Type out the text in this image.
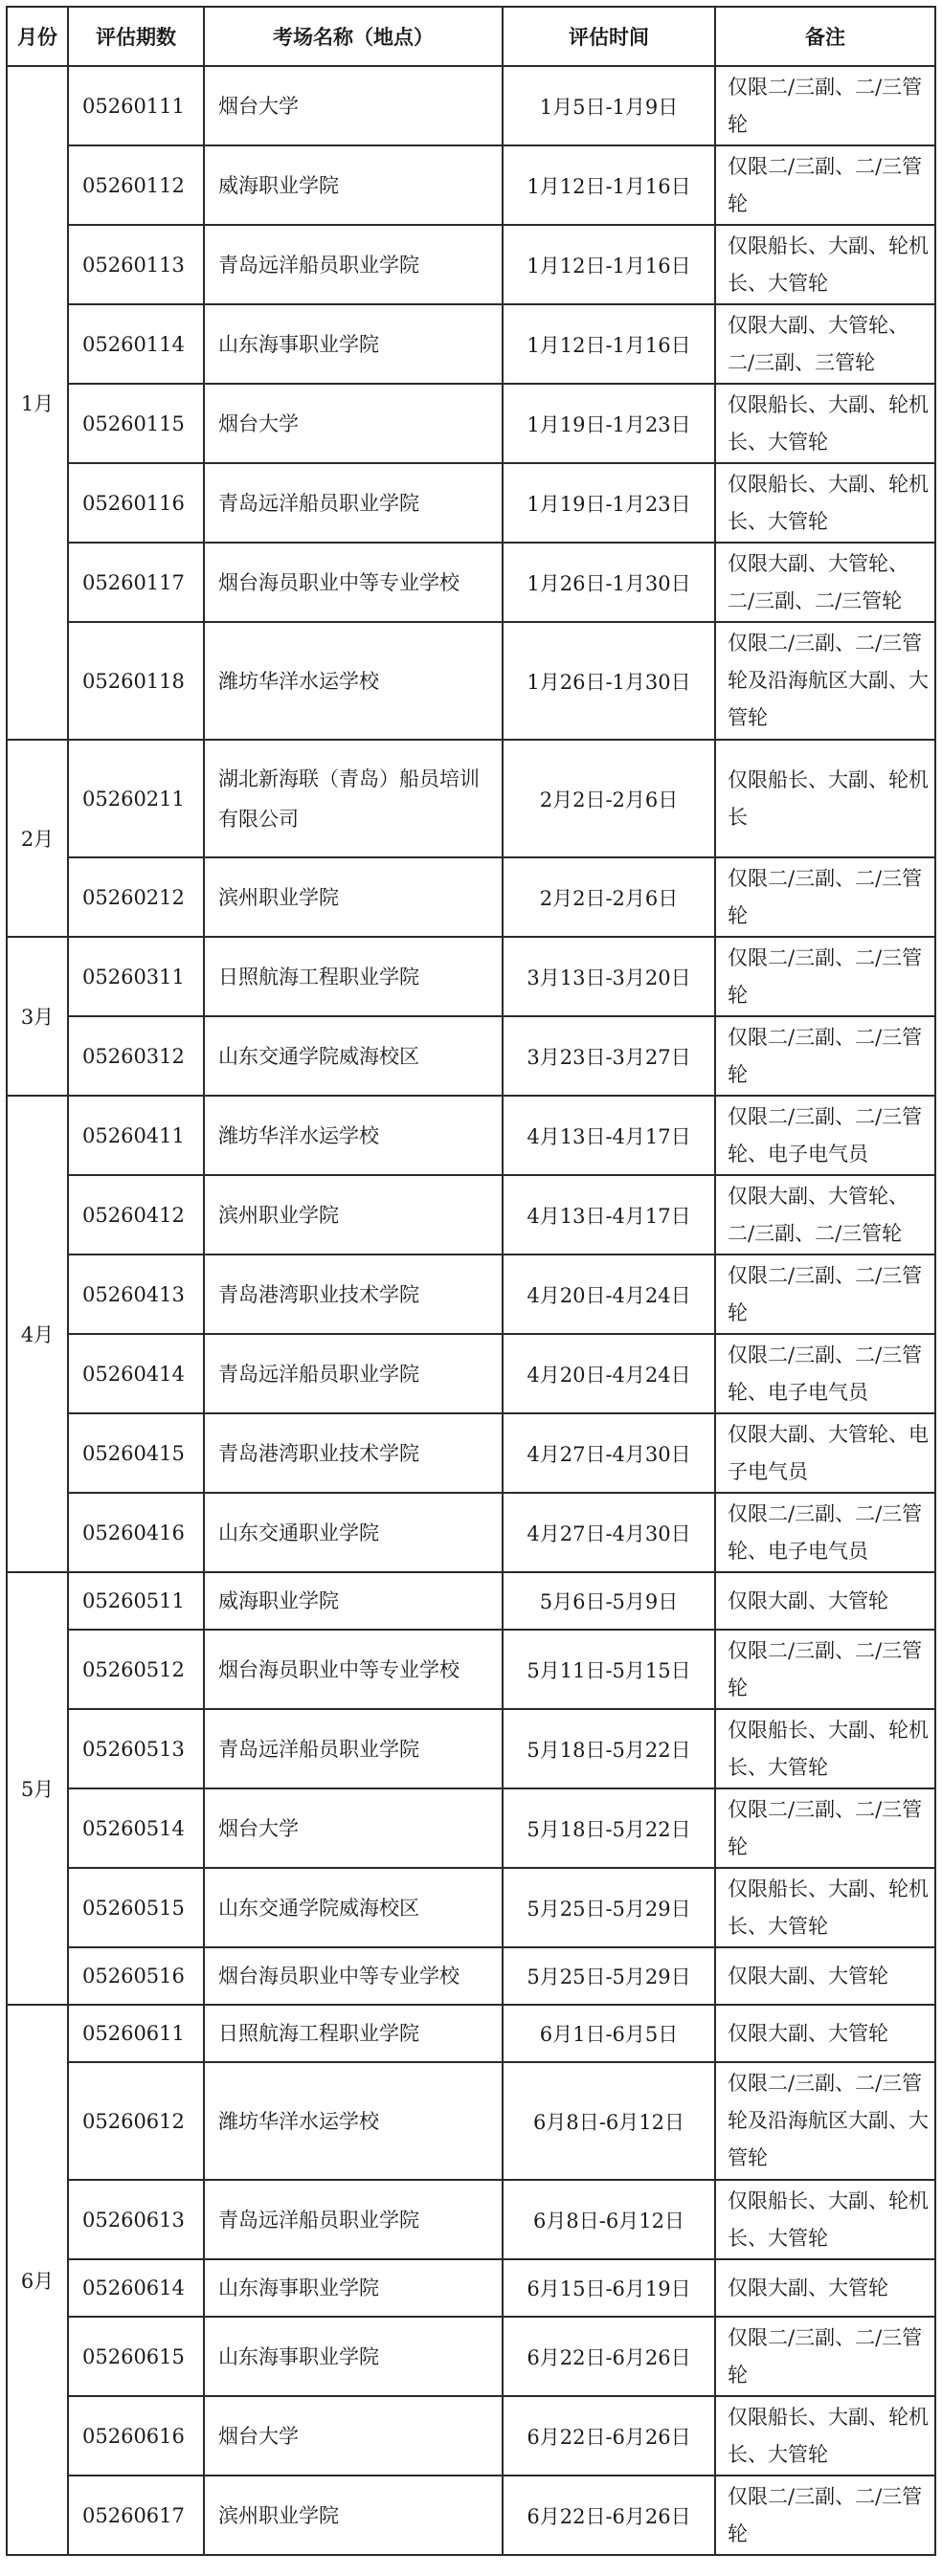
月份	评估期数	考场名称（地点）	评估时间	备注
1月	05260111	烟台大学	1月5日-1月9日	仅限二/三副、二/三管轮
	05260112	威海职业学院	1月12日-1月16日	仅限二/三副、二/三管轮
	05260113	青岛远洋船员职业学院	1月12日-1月16日	仅限船长、大副、轮机长、大管轮
	05260114	山东海事职业学院	1月12日-1月16日	仅限大副、大管轮、二/三副、三管轮
	05260115	烟台大学	1月19日-1月23日	仅限船长、大副、轮机长、大管轮
	05260116	青岛远洋船员职业学院	1月19日-1月23日	仅限船长、大副、轮机长、大管轮
	05260117	烟台海员职业中等专业学校	1月26日-1月30日	仅限大副、大管轮、二/三副、二/三管轮
	05260118	潍坊华洋水运学校	1月26日-1月30日	仅限二/三副、二/三管轮及沿海航区大副、大管轮
2月	05260211	湖北新海联（青岛）船员培训有限公司	2月2日-2月6日	仅限船长、大副、轮机长
	05260212	滨州职业学院	2月2日-2月6日	仅限二/三副、二/三管轮
3月	05260311	日照航海工程职业学院	3月13日-3月20日	仅限二/三副、二/三管轮
	05260312	山东交通学院威海校区	3月23日-3月27日	仅限二/三副、二/三管轮
4月	05260411	潍坊华洋水运学校	4月13日-4月17日	仅限二/三副、二/三管轮、电子电气员
	05260412	滨州职业学院	4月13日-4月17日	仅限大副、大管轮、二/三副、二/三管轮
	05260413	青岛港湾职业技术学院	4月20日-4月24日	仅限二/三副、二/三管轮
	05260414	青岛远洋船员职业学院	4月20日-4月24日	仅限二/三副、二/三管轮、电子电气员
	05260415	青岛港湾职业技术学院	4月27日-4月30日	仅限大副、大管轮、电子电气员
	05260416	山东交通职业学院	4月27日-4月30日	仅限二/三副、二/三管轮、电子电气员
5月	05260511	威海职业学院	5月6日-5月9日	仅限大副、大管轮
	05260512	烟台海员职业中等专业学校	5月11日-5月15日	仅限二/三副、二/三管轮
	05260513	青岛远洋船员职业学院	5月18日-5月22日	仅限船长、大副、轮机长、大管轮
	05260514	烟台大学	5月18日-5月22日	仅限二/三副、二/三管轮
	05260515	山东交通学院威海校区	5月25日-5月29日	仅限船长、大副、轮机长、大管轮
	05260516	烟台海员职业中等专业学校	5月25日-5月29日	仅限大副、大管轮
6月	05260611	日照航海工程职业学院	6月1日-6月5日	仅限大副、大管轮
	05260612	潍坊华洋水运学校	6月8日-6月12日	仅限二/三副、二/三管轮及沿海航区大副、大管轮
	05260613	青岛远洋船员职业学院	6月8日-6月12日	仅限船长、大副、轮机长、大管轮
	05260614	山东海事职业学院	6月15日-6月19日	仅限大副、大管轮
	05260615	山东海事职业学院	6月22日-6月26日	仅限二/三副、二/三管轮
	05260616	烟台大学	6月22日-6月26日	仅限船长、大副、轮机长、大管轮
	05260617	滨州职业学院	6月22日-6月26日	仅限二/三副、二/三管轮
